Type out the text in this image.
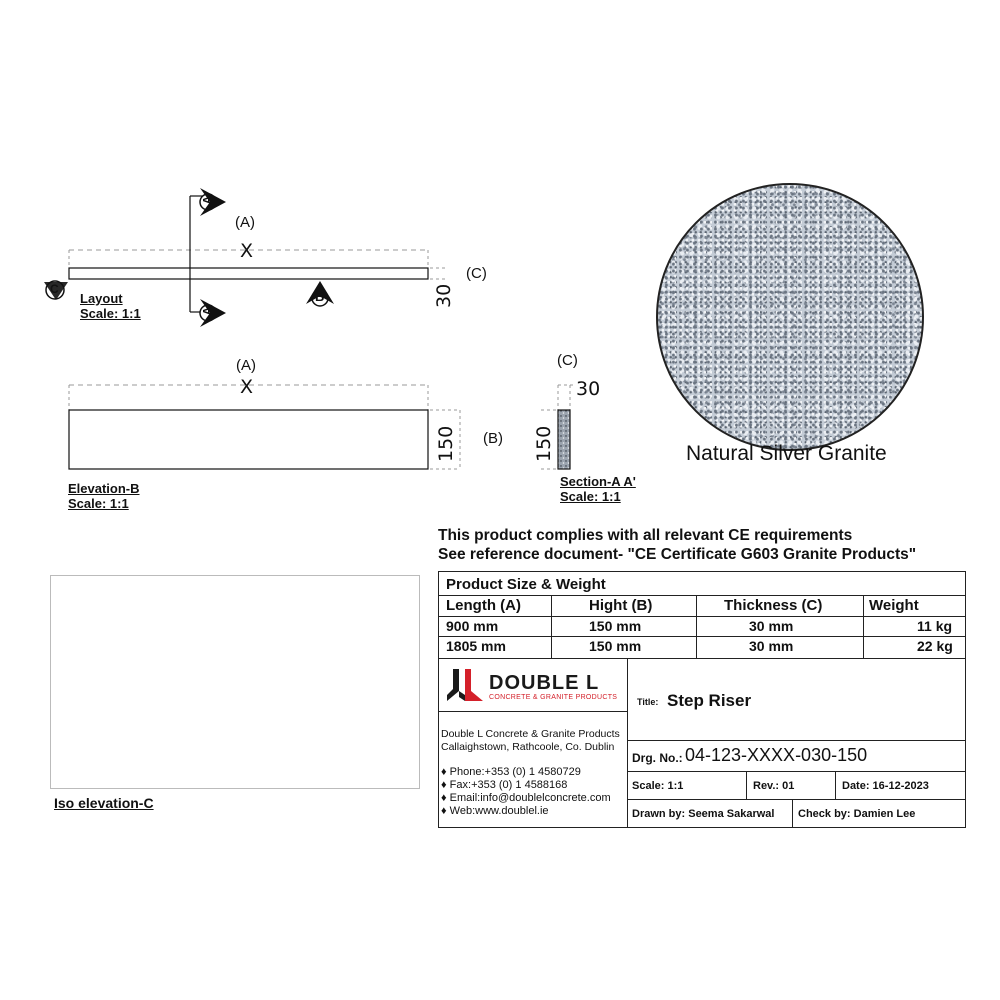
(A)
X
(C)
30
Layout
Scale: 1:1
A
A
B
C
(A)
X
150 (B)
Elevation-B
Scale: 1:1
(C)
30
150
Section-A A'
Scale: 1:1
Natural Silver Granite
Iso elevation-C
This product complies with all relevant CE requirements
See reference document- "CE Certificate G603 Granite Products"
Product Size & Weight
Length (A)	Hight (B)	Thickness (C)	Weight
900 mm	150 mm	30 mm	11 kg
1805 mm	150 mm	30 mm	22 kg
DOUBLE L
CONCRETE & GRANITE PRODUCTS
Double L Concrete & Granite Products
Callaighstown, Rathcoole, Co. Dublin
♦ Phone:+353 (0) 1 4580729
♦ Fax:+353 (0) 1 4588168
♦ Email:info@doublelconcrete.com
♦ Web:www.doublel.ie
Title: Step Riser
Drg. No.: 04-123-XXXX-030-150
Scale: 1:1	Rev.: 01	Date: 16-12-2023
Drawn by: Seema Sakarwal Check by: Damien Lee
